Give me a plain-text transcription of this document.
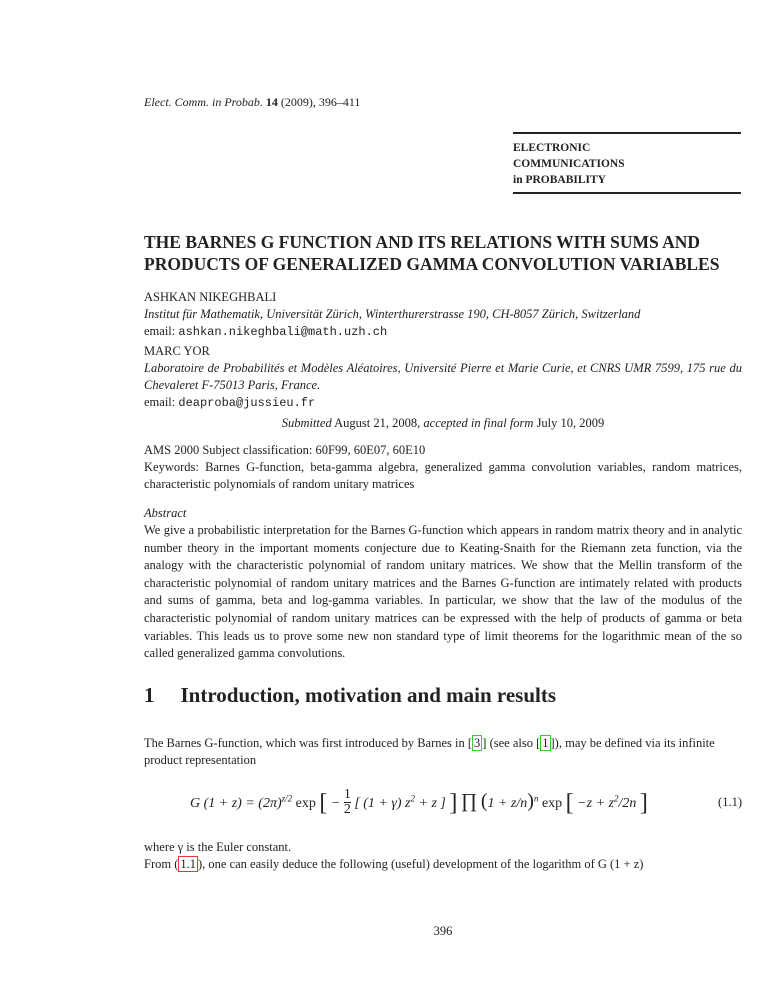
Elect. Comm. in Probab. 14 (2009), 396–411
ELECTRONIC
COMMUNICATIONS
in PROBABILITY
THE BARNES G FUNCTION AND ITS RELATIONS WITH SUMS AND PRODUCTS OF GENERALIZED GAMMA CONVOLUTION VARIABLES
ASHKAN NIKEGHBALI
Institut für Mathematik, Universität Zürich, Winterthurerstrasse 190, CH-8057 Zürich, Switzerland
email: ashkan.nikeghbali@math.uzh.ch
MARC YOR
Laboratoire de Probabilités et Modèles Aléatoires, Université Pierre et Marie Curie, et CNRS UMR 7599, 175 rue du Chevaleret F-75013 Paris, France.
email: deaproba@jussieu.fr
Submitted August 21, 2008, accepted in final form July 10, 2009
AMS 2000 Subject classification: 60F99, 60E07, 60E10
Keywords: Barnes G-function, beta-gamma algebra, generalized gamma convolution variables, random matrices, characteristic polynomials of random unitary matrices
Abstract
We give a probabilistic interpretation for the Barnes G-function which appears in random matrix theory and in analytic number theory in the important moments conjecture due to Keating-Snaith for the Riemann zeta function, via the analogy with the characteristic polynomial of random unitary matrices. We show that the Mellin transform of the characteristic polynomial of random unitary matrices and the Barnes G-function are intimately related with products and sums of gamma, beta and log-gamma variables. In particular, we show that the law of the modulus of the characteristic polynomial of random unitary matrices can be expressed with the help of products of gamma or beta variables. This leads us to prove some new non standard type of limit theorems for the logarithmic mean of the so called generalized gamma convolutions.
1 Introduction, motivation and main results
The Barnes G-function, which was first introduced by Barnes in [ 3 ] (see also [ 1 ]), may be defined via its infinite product representation
G $(1 + z) = (2\pi)^{z/2}$ exp [ − 1

2 [ (1 + γ) $z^2 + z$ ] ] ∏ $(1 + z/n)^n$ exp [ $-z + z^2/2n$ ]	(1.1)
where γ is the Euler constant.
From ( 1.1 ), one can easily deduce the following (useful) development of the logarithm of G (1 + z)
396
